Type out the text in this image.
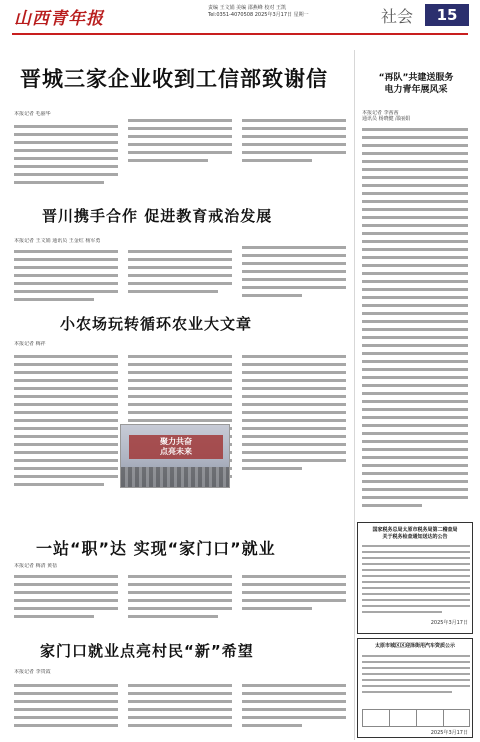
山西青年报
责编 王文娟 美编 邵燕峰 校对 王凯
Tel:0351-4070508 2025年3月17日 星期一	社会	15
晋城三家企业收到工信部致谢信
本报记者 毛丽华
晋川携手合作 促进教育戒治发展
本报记者 王文娟 通讯员 王金红 杨军勇
小农场玩转循环农业大文章
本报记者 梅祥
聚力共奋
点亮未来
一站“职”达 实现“家门口”就业
本报记者 梅清 黄蓓
家门口就业点亮村民“新”希望
本报记者 李贵霞
“再队”共建送服务
电力青年展风采
本报记者 李茜茜
通讯员 杨晓健 邵丽娟
国家税务总局太原市税务局第二稽查局
关于税务检查通知送达的公告
2025年3月17日
太原市城区区迎泽街用汽车资质公示
2025年3月17日
